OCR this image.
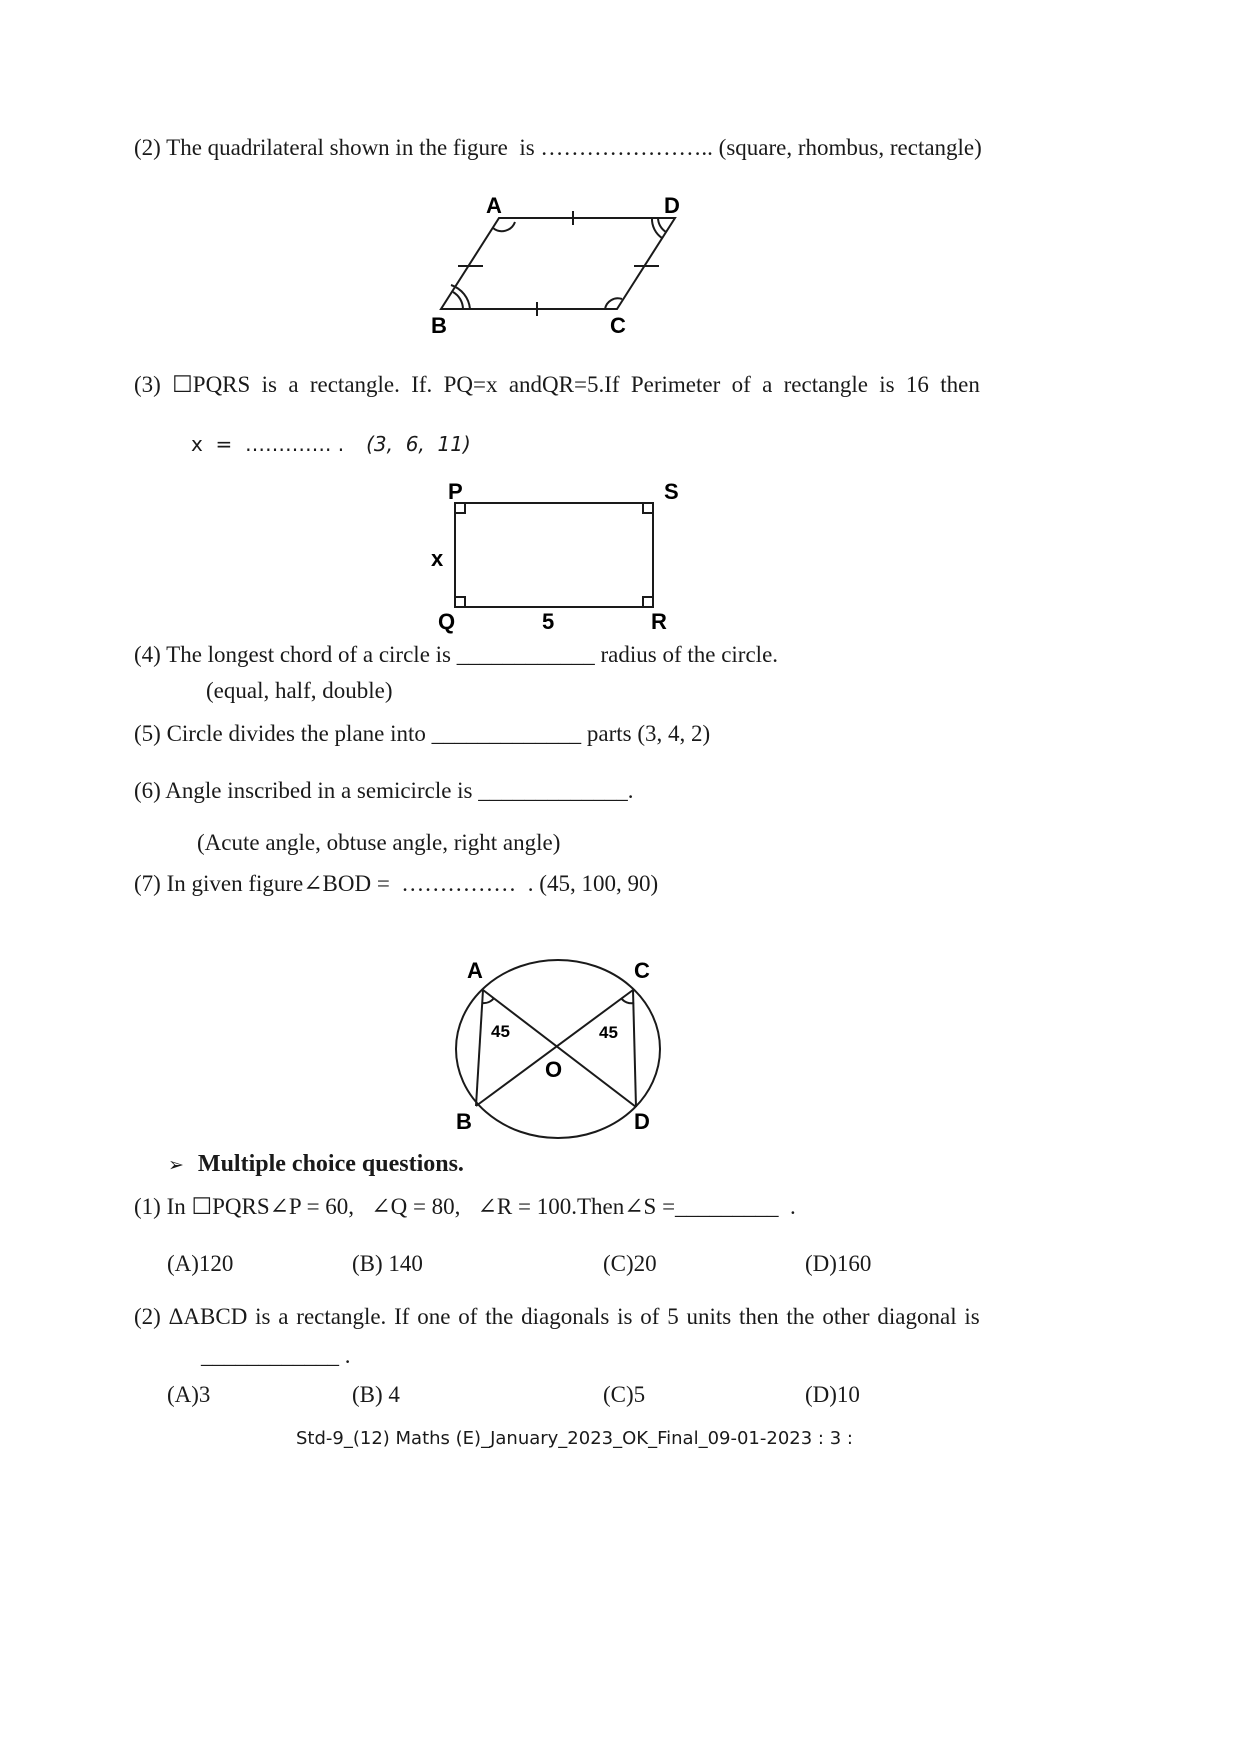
(2) The quadrilateral shown in the figure  is ………………….. (square, rhombus, rectangle)
A	D
B	C
(3) ☐PQRS is a rectangle. If. PQ=x andQR=5.If Perimeter of a rectangle is 16 then
x  =  …………. . (3,  6,  11)
P	S
Q	R
x
5
(4) The longest chord of a circle is ____________ radius of the circle.
(equal, half, double)
(5) Circle divides the plane into _____________ parts (3, 4, 2)
(6) Angle inscribed in a semicircle is _____________.
(Acute angle, obtuse angle, right angle)
(7) In given figure∠BOD =  ……………  . (45, 100, 90)
A	C
B	D
O
45	45
➢ Multiple choice questions.
(1) In ☐PQRS∠P = 60,   ∠Q = 80,   ∠R = 100.Then∠S =_________  .
(A)120	(B) 140	(C)20	(D)160
(2) ΔABCD is a rectangle. If one of the diagonals is of 5 units then the other diagonal is
____________ .
(A)3	(B) 4	(C)5	(D)10
Std-9_(12) Maths (E)_January_2023_OK_Final_09-01-2023 : 3 :
